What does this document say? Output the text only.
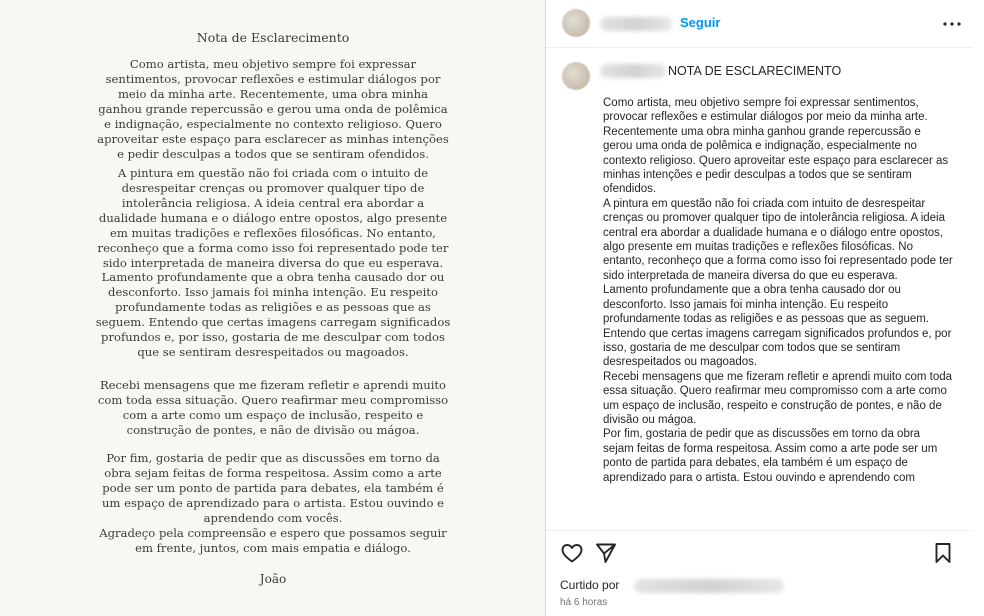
Nota de Esclarecimento

Como artista, meu objetivo sempre foi expressar sentimentos, provocar reflexões e estimular diálogos por meio da minha arte. Recentemente, uma obra minha ganhou grande repercussão e gerou uma onda de polêmica e indignação, especialmente no contexto religioso. Quero aproveitar este espaço para esclarecer as minhas intenções e pedir desculpas a todos que se sentiram ofendidos.

A pintura em questão não foi criada com o intuito de desrespeitar crenças ou promover qualquer tipo de intolerância religiosa. A ideia central era abordar a dualidade humana e o diálogo entre opostos, algo presente em muitas tradições e reflexões filosóficas. No entanto, reconheço que a forma como isso foi representado pode ter sido interpretada de maneira diversa do que eu esperava.

Lamento profundamente que a obra tenha causado dor ou desconforto. Isso jamais foi minha intenção. Eu respeito profundamente todas as religiões e as pessoas que as seguem. Entendo que certas imagens carregam significados profundos e, por isso, gostaria de me desculpar com todos que se sentiram desrespeitados ou magoados.

Recebi mensagens que me fizeram refletir e aprendi muito com toda essa situação. Quero reafirmar meu compromisso com a arte como um espaço de inclusão, respeito e construção de pontes, e não de divisão ou mágoa.

Por fim, gostaria de pedir que as discussões em torno da obra sejam feitas de forma respeitosa. Assim como a arte pode ser um ponto de partida para debates, ela também é um espaço de aprendizado para o artista. Estou ouvindo e aprendendo com vocês.

Agradeço pela compreensão e espero que possamos seguir em frente, juntos, com mais empatia e diálogo.

João
Seguir
NOTA DE ESCLARECIMENTO

Como artista, meu objetivo sempre foi expressar sentimentos, provocar reflexões e estimular diálogos por meio da minha arte. Recentemente uma obra minha ganhou grande repercussão e gerou uma onda de polêmica e indignação, especialmente no contexto religioso. Quero aproveitar este espaço para esclarecer as minhas intenções e pedir desculpas a todos que se sentiram ofendidos.

A pintura em questão não foi criada com intuito de desrespeitar crenças ou promover qualquer tipo de intolerância religiosa. A ideia central era abordar a dualidade humana e o diálogo entre opostos, algo presente em muitas tradições e reflexões filosóficas. No entanto, reconheço que a forma como isso foi representado pode ter sido interpretada de maneira diversa do que eu esperava.

Lamento profundamente que a obra tenha causado dor ou desconforto. Isso jamais foi minha intenção. Eu respeito profundamente todas as religiões e as pessoas que as seguem. Entendo que certas imagens carregam significados profundos e, por isso, gostaria de me desculpar com todos que se sentiram desrespeitados ou magoados.

Recebi mensagens que me fizeram refletir e aprendi muito com toda essa situação. Quero reafirmar meu compromisso com a arte como um espaço de inclusão, respeito e construção de pontes, e não de divisão ou mágoa.

Por fim, gostaria de pedir que as discussões em torno da obra sejam feitas de forma respeitosa. Assim como a arte pode ser um ponto de partida para debates, ela também é um espaço de aprendizado para o artista. Estou ouvindo e aprendendo com

Curtido por
há 6 horas
